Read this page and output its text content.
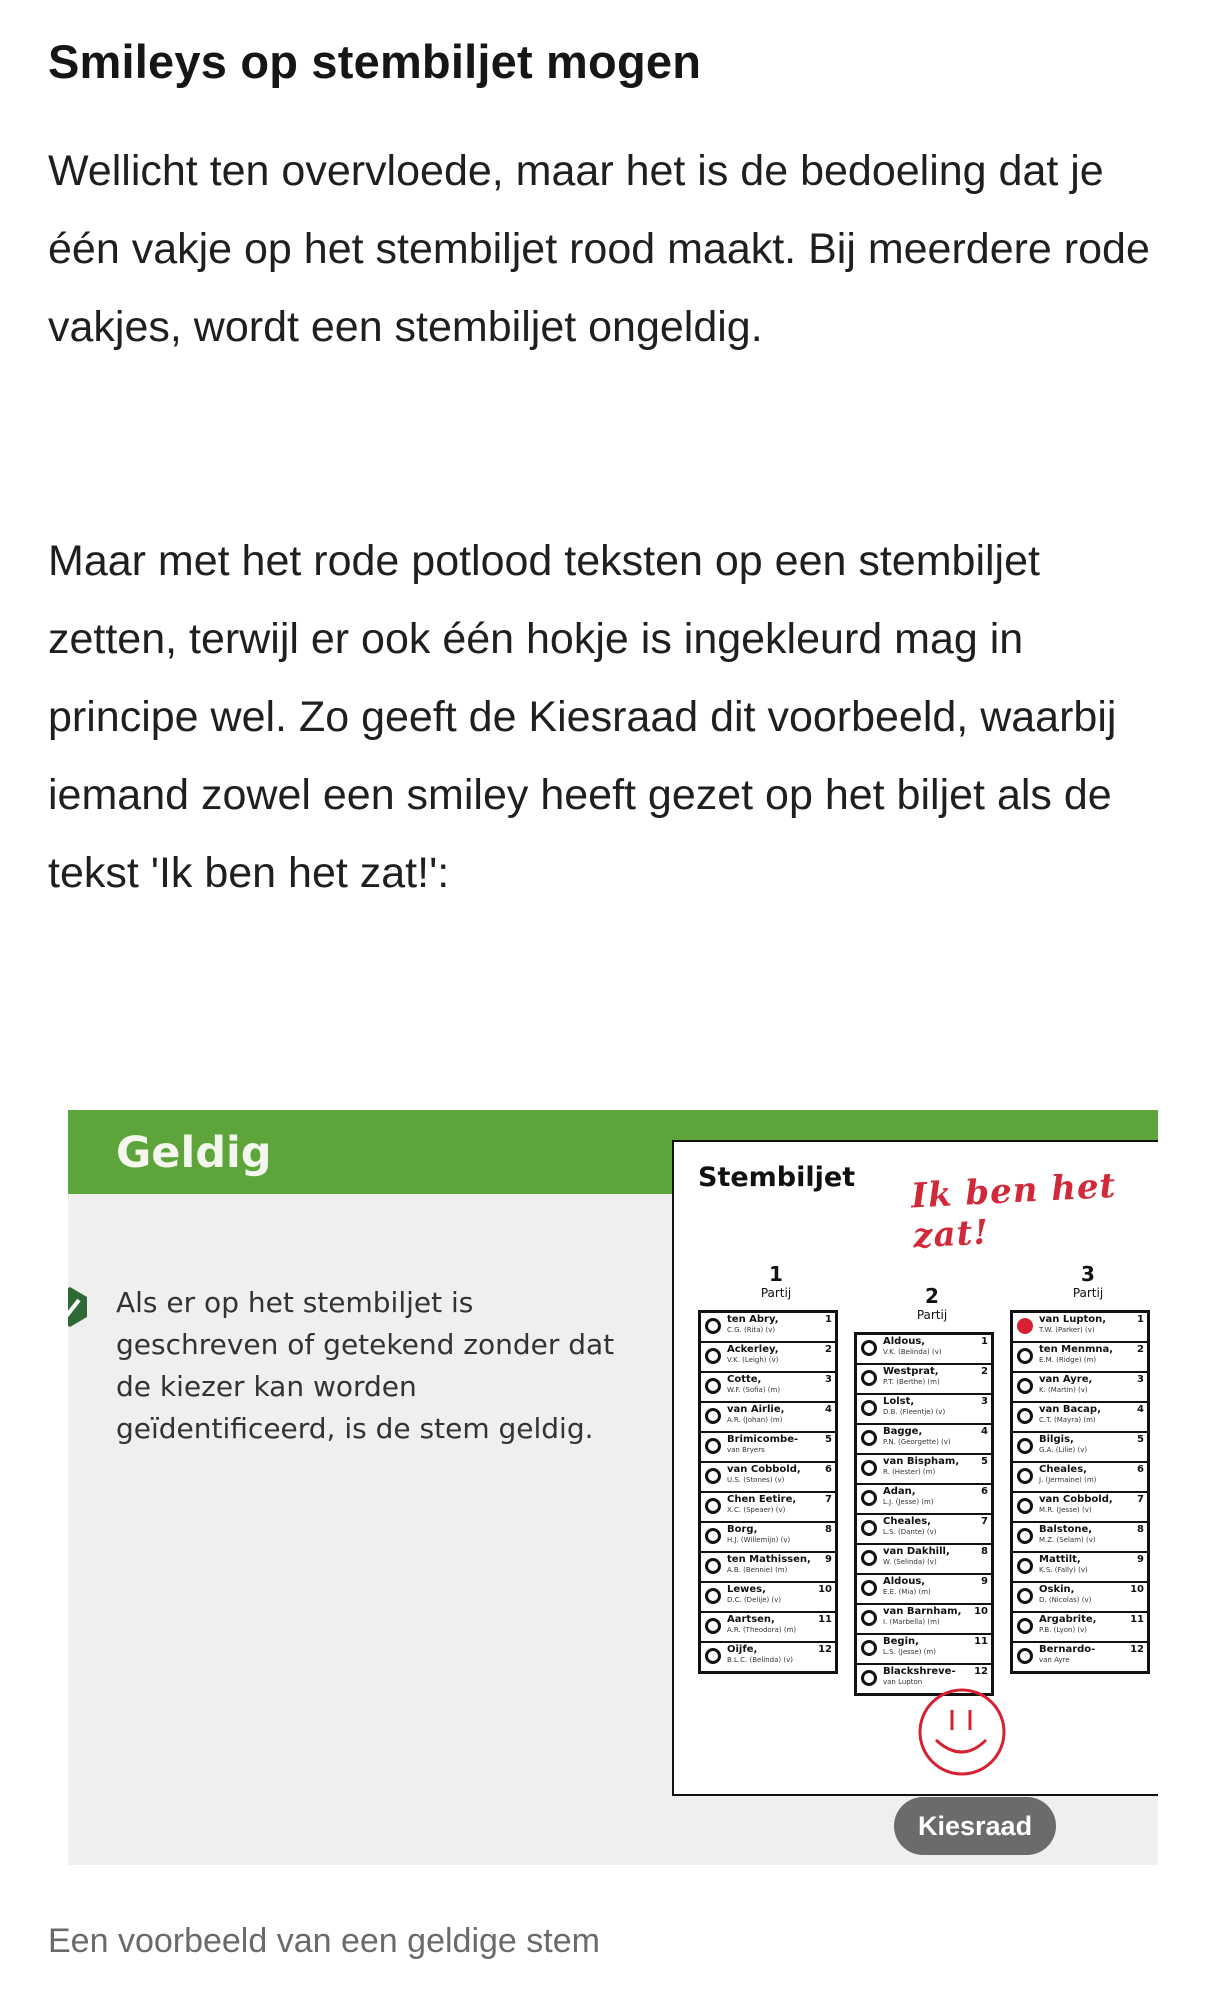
Smileys op stembiljet mogen

Wellicht ten overvloede, maar het is de bedoeling dat je één vakje op het stembiljet rood maakt. Bij meerdere rode vakjes, wordt een stembiljet ongeldig.

Maar met het rode potlood teksten op een stembiljet zetten, terwijl er ook één hokje is ingekleurd mag in principe wel. Zo geeft de Kiesraad dit voorbeeld, waarbij iemand zowel een smiley heeft gezet op het biljet als de tekst 'Ik ben het zat!':

Geldig
Als er op het stembiljet is geschreven of getekend zonder dat de kiezer kan worden geïdentificeerd, is de stem geldig.
Stembiljet Ik ben het zat!
1
Partij	2
Partij
3
Partij
ten Abry,
C.G. (Rita) (v)
1
Ackerley,
V.K. (Leigh) (v)
2
Cotte,
W.F. (Sofia) (m)
3
van Airlie,
A.R. (Johan) (m)
4
Brimicombe-
van Bryers
5
van Cobbold,
U.S. (Stones) (v)
6
Chen Eetire,
X.C. (Speaer) (v)
7
Borg,
H.J. (Willemijn) (v)
8
ten Mathissen,
A.B. (Bennie) (m)
9
Lewes,
D.C. (Delije) (v)
10
Aartsen,
A.R. (Theodora) (m)
11
Oijfe,
B.L.C. (Belinda) (v)
12
Aldous,
V.K. (Belinda) (v)
1
Westprat,
P.T. (Berthe) (m)
2
Lolst,
D.B. (Fleentje) (v)
3
Bagge,
P.N. (Georgette) (v)
4
van Bispham,
R. (Hester) (m)
5
Adan,
L.J. (Jesse) (m)
6
Cheales,
L.S. (Dante) (v)
7
van Dakhill,
W. (Selinda) (v)
8
Aldous,
E.E. (Mia) (m)
9
van Barnham,
I. (Marbella) (m)
10
Begin,
L.S. (Jesse) (m)
11
Blackshreve-
van Lupton
12
van Lupton,
T.W. (Parker) (v)
1
ten Menmna,
E.M. (Ridge) (m)
2
van Ayre,
K. (Martin) (v)
3
van Bacap,
C.T. (Mayra) (m)
4
Bilgis,
G.A. (Lilie) (v)
5
Cheales,
J. (Jermaine) (m)
6
van Cobbold,
M.R. (Jesse) (v)
7
Balstone,
M.Z. (Selam) (v)
8
Mattilt,
K.S. (Fally) (v)
9
Oskin,
D. (Nicolas) (v)
10
Argabrite,
P.B. (Lyon) (v)
11
Bernardo-
van Ayre
12
Kiesraad
Een voorbeeld van een geldige stem
